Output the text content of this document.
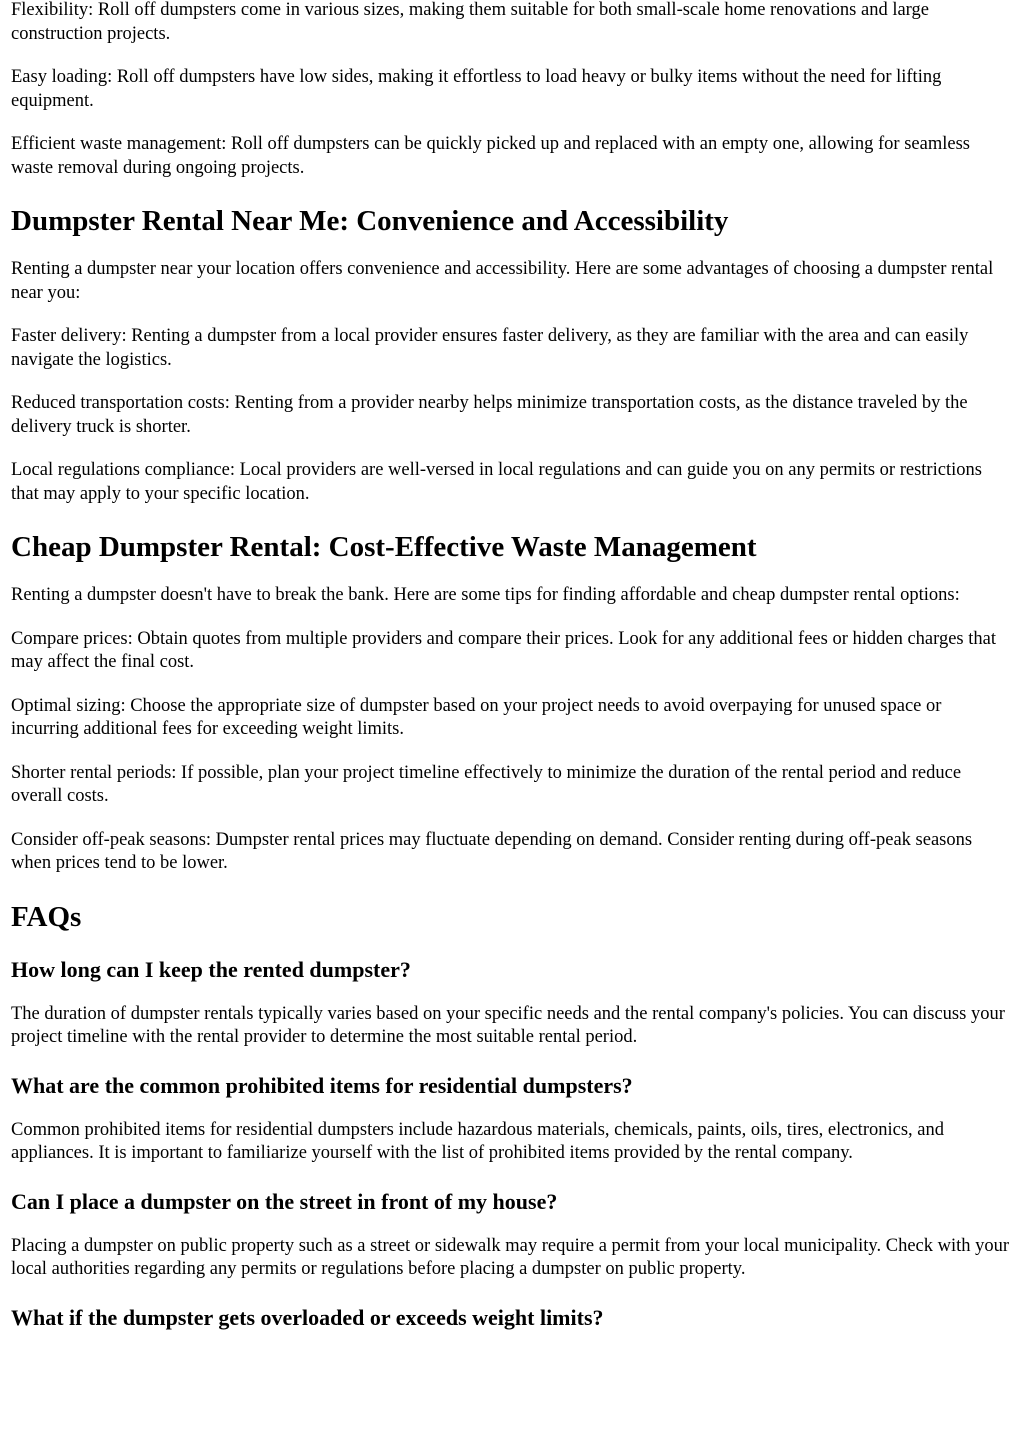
Flexibility: Roll off dumpsters come in various sizes, making them suitable for both small-scale home renovations and large construction projects.

Easy loading: Roll off dumpsters have low sides, making it effortless to load heavy or bulky items without the need for lifting equipment.

Efficient waste management: Roll off dumpsters can be quickly picked up and replaced with an empty one, allowing for seamless waste removal during ongoing projects.

Dumpster Rental Near Me: Convenience and Accessibility

Renting a dumpster near your location offers convenience and accessibility. Here are some advantages of choosing a dumpster rental near you:

Faster delivery: Renting a dumpster from a local provider ensures faster delivery, as they are familiar with the area and can easily navigate the logistics.

Reduced transportation costs: Renting from a provider nearby helps minimize transportation costs, as the distance traveled by the delivery truck is shorter.

Local regulations compliance: Local providers are well-versed in local regulations and can guide you on any permits or restrictions that may apply to your specific location.

Cheap Dumpster Rental: Cost-Effective Waste Management

Renting a dumpster doesn't have to break the bank. Here are some tips for finding affordable and cheap dumpster rental options:

Compare prices: Obtain quotes from multiple providers and compare their prices. Look for any additional fees or hidden charges that may affect the final cost.

Optimal sizing: Choose the appropriate size of dumpster based on your project needs to avoid overpaying for unused space or incurring additional fees for exceeding weight limits.

Shorter rental periods: If possible, plan your project timeline effectively to minimize the duration of the rental period and reduce overall costs.

Consider off-peak seasons: Dumpster rental prices may fluctuate depending on demand. Consider renting during off-peak seasons when prices tend to be lower.

FAQs
How long can I keep the rented dumpster?

The duration of dumpster rentals typically varies based on your specific needs and the rental company's policies. You can discuss your project timeline with the rental provider to determine the most suitable rental period.

What are the common prohibited items for residential dumpsters?

Common prohibited items for residential dumpsters include hazardous materials, chemicals, paints, oils, tires, electronics, and appliances. It is important to familiarize yourself with the list of prohibited items provided by the rental company.

Can I place a dumpster on the street in front of my house?

Placing a dumpster on public property such as a street or sidewalk may require a permit from your local municipality. Check with your local authorities regarding any permits or regulations before placing a dumpster on public property.

What if the dumpster gets overloaded or exceeds weight limits?
